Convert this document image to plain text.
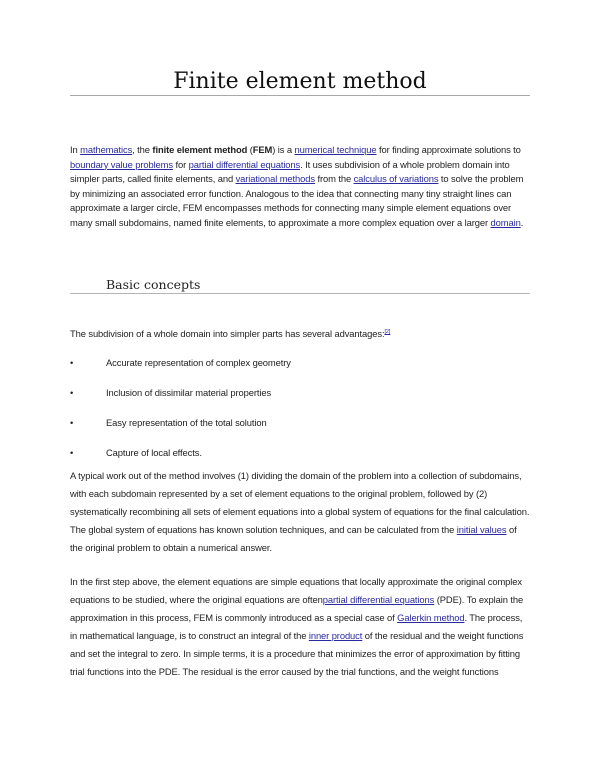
Finite element method

In mathematics, the finite element method (FEM) is a numerical technique for finding approximate solutions to boundary value problems for partial differential equations. It uses subdivision of a whole problem domain into simpler parts, called finite elements, and variational methods from the calculus of variations to solve the problem by minimizing an associated error function. Analogous to the idea that connecting many tiny straight lines can approximate a larger circle, FEM encompasses methods for connecting many simple element equations over many small subdomains, named finite elements, to approximate a more complex equation over a larger domain.

Basic concepts

The subdivision of a whole domain into simpler parts has several advantages:[2]

•	Accurate representation of complex geometry
•	Inclusion of dissimilar material properties
•	Easy representation of the total solution
•	Capture of local effects.

A typical work out of the method involves (1) dividing the domain of the problem into a collection of subdomains, with each subdomain represented by a set of element equations to the original problem, followed by (2) systematically recombining all sets of element equations into a global system of equations for the final calculation. The global system of equations has known solution techniques, and can be calculated from the initial values of the original problem to obtain a numerical answer.

In the first step above, the element equations are simple equations that locally approximate the original complex equations to be studied, where the original equations are oftenpartial differential equations (PDE). To explain the approximation in this process, FEM is commonly introduced as a special case of Galerkin method. The process, in mathematical language, is to construct an integral of the inner product of the residual and the weight functions and set the integral to zero. In simple terms, it is a procedure that minimizes the error of approximation by fitting trial functions into the PDE. The residual is the error caused by the trial functions, and the weight functions
